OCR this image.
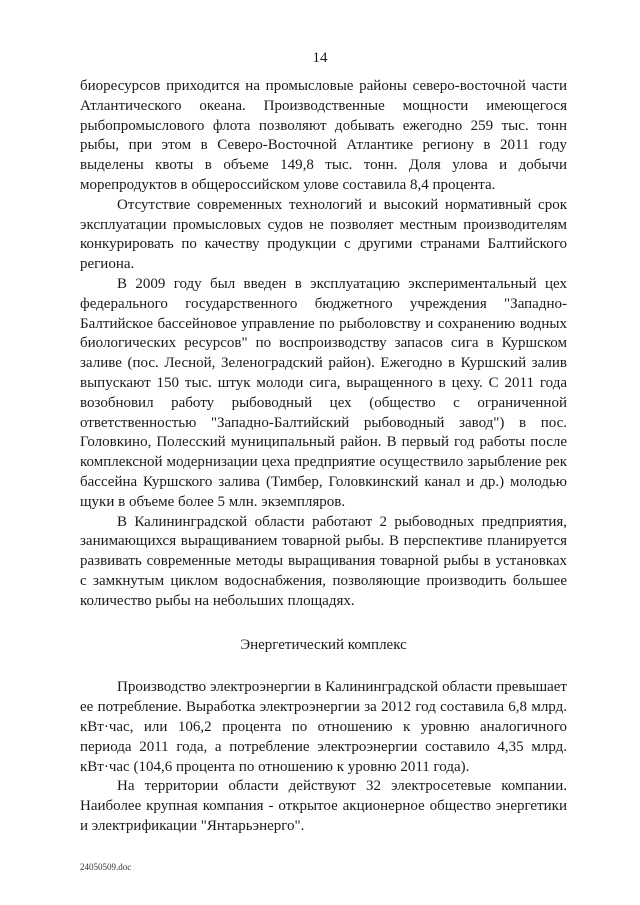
14

биоресурсов приходится на промысловые районы северо-восточной части Атлантического океана. Производственные мощности имеющегося рыбопромыслового флота позволяют добывать ежегодно 259 тыс. тонн рыбы, при этом в Северо-Восточной Атлантике региону в 2011 году выделены квоты в объеме 149,8 тыс. тонн. Доля улова и добычи морепродуктов в общероссийском улове составила 8,4 процента.

Отсутствие современных технологий и высокий нормативный срок эксплуатации промысловых судов не позволяет местным производителям конкурировать по качеству продукции с другими странами Балтийского региона.

В 2009 году был введен в эксплуатацию экспериментальный цех федерального государственного бюджетного учреждения "Западно-Балтийское бассейновое управление по рыболовству и сохранению водных биологических ресурсов" по воспроизводству запасов сига в Куршском заливе (пос. Лесной, Зеленоградский район). Ежегодно в Куршский залив выпускают 150 тыс. штук молоди сига, выращенного в цеху. С 2011 года возобновил работу рыбоводный цех (общество с ограниченной ответственностью "Западно-Балтийский рыбоводный завод") в пос. Головкино, Полесский муниципальный район. В первый год работы после комплексной модернизации цеха предприятие осуществило зарыбление рек бассейна Куршского залива (Тимбер, Головкинский канал и др.) молодью щуки в объеме более 5 млн. экземпляров.

В Калининградской области работают 2 рыбоводных предприятия, занимающихся выращиванием товарной рыбы. В перспективе планируется развивать современные методы выращивания товарной рыбы в установках с замкнутым циклом водоснабжения, позволяющие производить большее количество рыбы на небольших площадях.

Энергетический комплекс

Производство электроэнергии в Калининградской области превышает ее потребление. Выработка электроэнергии за 2012 год составила 6,8 млрд. кВт·час, или 106,2 процента по отношению к уровню аналогичного периода 2011 года, а потребление электроэнергии составило 4,35 млрд. кВт·час (104,6 процента по отношению к уровню 2011 года).

На территории области действуют 32 электросетевые компании. Наиболее крупная компания - открытое акционерное общество энергетики и электрификации "Янтарьэнерго".

24050509.doc
